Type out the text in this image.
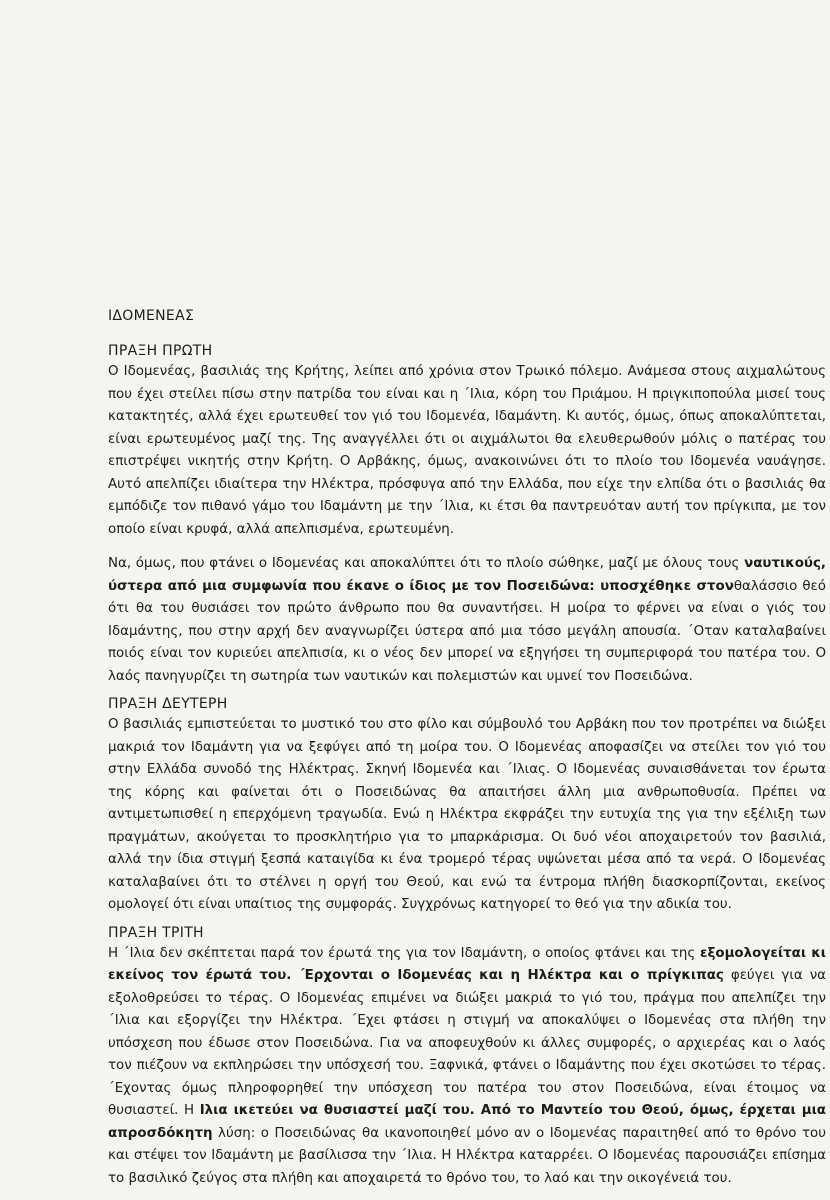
ΙΔΟΜΕΝΕΑΣ
ΠΡΑΞΗ ΠΡΩΤΗ

Ο Ιδομενέας, βασιλιάς της Κρήτης, λείπει από χρόνια στον Τρωικό πόλεμο. Ανάμεσα στους αιχμαλώτους που έχει στείλει πίσω στην πατρίδα του είναι και η ΄Ιλια, κόρη του Πριάμου. Η πριγκιπoπούλα μισεί τους κατακτητές, αλλά έχει ερωτευθεί τον γιό του Ιδομενέα, Ιδαμάντη. Κι αυτός, όμως, όπως αποκαλύπτεται, είναι ερωτευμένος μαζί της. Της αναγγέλλει ότι οι αιχμάλωτοι θα ελευθερωθούν μόλις ο πατέρας του επιστρέψει νικητής στην Κρήτη. Ο Αρβάκης, όμως, ανακοινώνει ότι το πλοίο του Ιδομενέα ναυάγησε. Αυτό απελπίζει ιδιαίτερα την Ηλέκτρα, πρόσφυγα από την Ελλάδα, που είχε την ελπίδα ότι ο βασιλιάς θα εμπόδιζε τον πιθανό γάμο του Ιδαμάντη με την ΄Ιλια, κι έτσι θα παντρευόταν αυτή τον πρίγκιπα, με τον οποίο είναι κρυφά, αλλά απελπισμένα, ερωτευμένη.

Να, όμως, που φτάνει ο Ιδομενέας και αποκαλύπτει ότι το πλοίο σώθηκε, μαζί με όλους τους ναυτικούς, ύστερα από μια συμφωνία που έκανε ο ίδιος με τον Ποσειδώνα: υποσχέθηκε στονθαλάσσιο θεό ότι θα του θυσιάσει τον πρώτο άνθρωπο που θα συναντήσει. Η μοίρα το φέρνει να είναι ο γιός του Ιδαμάντης, που στην αρχή δεν αναγνωρίζει ύστερα από μια τόσο μεγάλη απουσία. ΄Οταν καταλαβαίνει ποιός είναι τον κυριεύει απελπισία, κι ο νέος δεν μπορεί να εξηγήσει τη συμπεριφορά του πατέρα του. Ο λαός πανηγυρίζει τη σωτηρία των ναυτικών και πολεμιστών και υμνεί τον Ποσειδώνα.

ΠΡΑΞΗ ΔΕΥΤΕΡΗ

Ο βασιλιάς εμπιστεύεται το μυστικό του στο φίλο και σύμβουλό του Αρβάκη που τον προτρέπει να διώξει μακριά τον Ιδαμάντη για να ξεφύγει από τη μοίρα του. Ο Ιδομενέας αποφασίζει να στείλει τον γιό του στην Ελλάδα συνοδό της Ηλέκτρας. Σκηνή Ιδομενέα και ΄Ιλιας. Ο Ιδομενέας συναισθάνεται τον έρωτα της κόρης και φαίνεται ότι ο Ποσειδώνας θα απαιτήσει άλλη μια ανθρωποθυσία. Πρέπει να αντιμετωπισθεί η επερχόμενη τραγωδία. Ενώ η Ηλέκτρα εκφράζει την ευτυχία της για την εξέλιξη των πραγμάτων, ακούγεται το προσκλητήριο για το μπαρκάρισμα. Οι δυό νέοι αποχαιρετούν τον βασιλιά, αλλά την ίδια στιγμή ξεσπά καταιγίδα κι ένα τρομερό τέρας υψώνεται μέσα από τα νερά. Ο Ιδομενέας καταλαβαίνει ότι το στέλνει η οργή του Θεού, και ενώ τα έντρομα πλήθη διασκορπίζονται, εκείνος ομολογεί ότι είναι υπαίτιος της συμφοράς. Συγχρόνως κατηγορεί το θεό για την αδικία του.

ΠΡΑΞΗ ΤΡΙΤΗ

Η ΄Ιλια δεν σκέπτεται παρά τον έρωτά της για τον Ιδαμάντη, ο οποίος φτάνει και της εξομολογείται κι εκείνος τον έρωτά του. ΄Ερχονται ο Ιδομενέας και η Ηλέκτρα και ο πρίγκιπας φεύγει για να εξολοθρεύσει το τέρας. Ο Ιδομενέας επιμένει να διώξει μακριά το γιό του, πράγμα που απελπίζει την ΄Ιλια και εξοργίζει την Ηλέκτρα. ΄Εχει φτάσει η στιγμή να αποκαλύψει ο Ιδομενέας στα πλήθη την υπόσχεση που έδωσε στον Ποσειδώνα. Για να αποφευχθούν κι άλλες συμφορές, ο αρχιερέας και ο λαός τον πιέζουν να εκπληρώσει την υπόσχεσή του. Ξαφνικά, φτάνει ο Ιδαμάντης που έχει σκοτώσει το τέρας. ΄Εχοντας όμως πληροφορηθεί την υπόσχεση του πατέρα του στον Ποσειδώνα, είναι έτοιμος να θυσιαστεί. Η Ιλια ικετεύει να θυσιαστεί μαζί του. Από το Μαντείο του Θεού, όμως, έρχεται μια απροσδόκητη λύση: ο Ποσειδώνας θα ικανοποιηθεί μόνο αν ο Ιδομενέας παραιτηθεί από το θρόνο του και στέψει τον Ιδαμάντη με βασίλισσα την ΄Ιλια. Η Ηλέκτρα καταρρέει. Ο Ιδομενέας παρουσιάζει επίσημα το βασιλικό ζεύγος στα πλήθη και αποχαιρετά το θρόνο του, το λαό και την οικογένειά του.
